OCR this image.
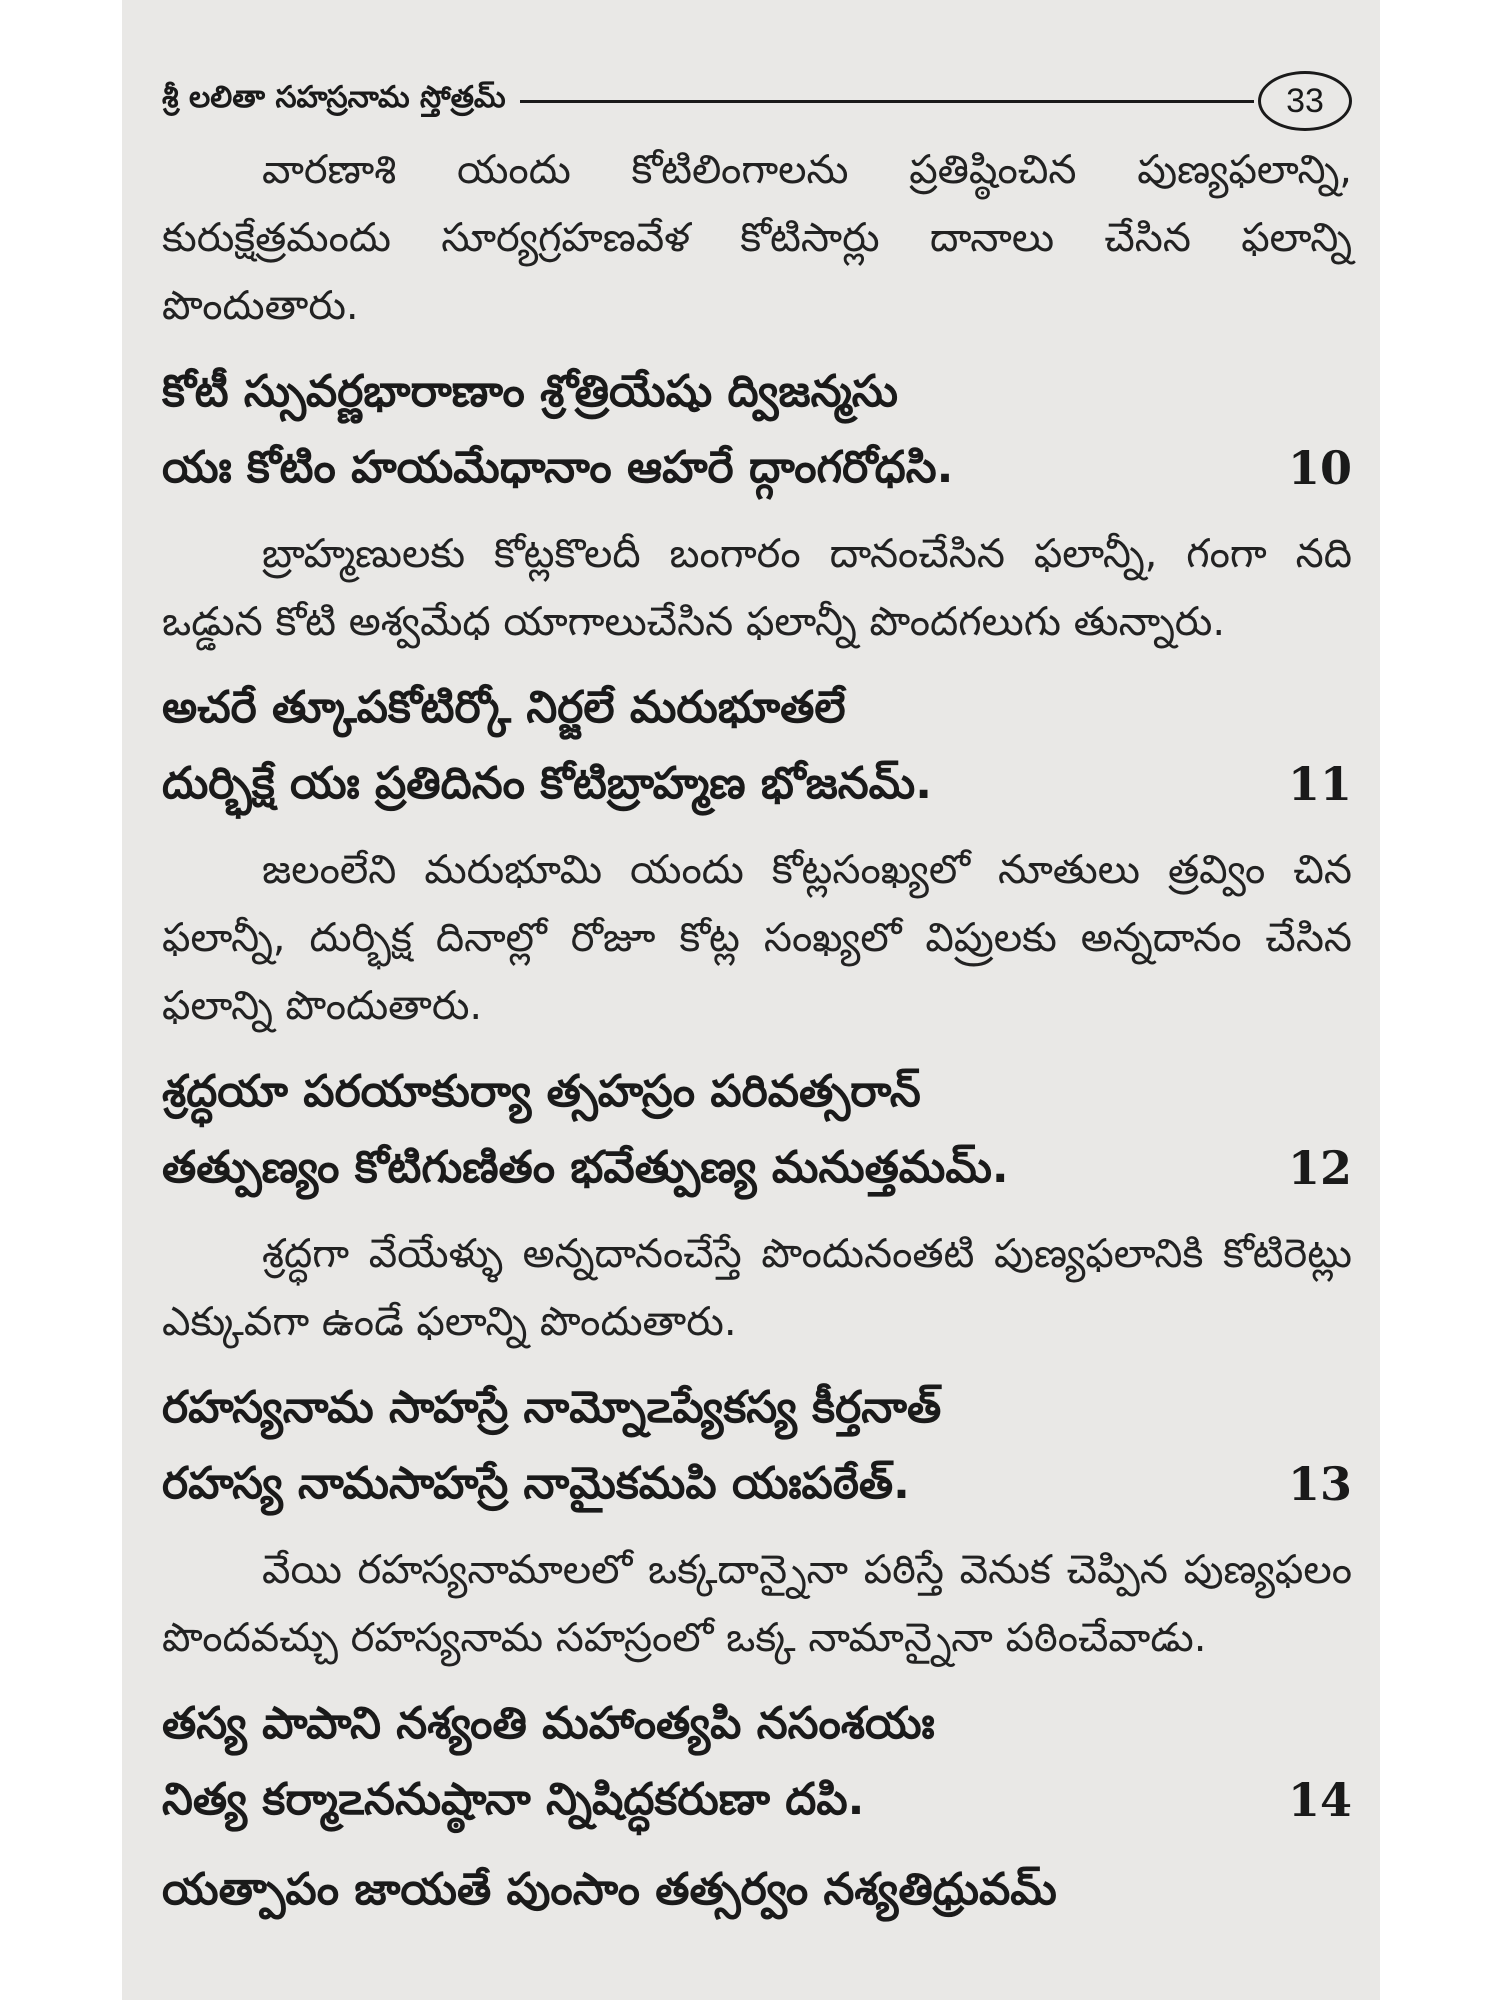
శ్రీ లలితా సహస్రనామ స్తోత్రమ్	33

వారణాశి యందు కోటిలింగాలను ప్రతిష్ఠించిన పుణ్యఫలాన్ని, కురుక్షేత్రమందు సూర్యగ్రహణవేళ కోటిసార్లు దానాలు చేసిన ఫలాన్ని పొందుతారు.

కోటీ స్సువర్ణభారాణాం శ్రోత్రియేషు ద్విజన్మసు
యః కోటిం హయమేధానాం ఆహరే ద్గాంగరోధసి.	10

బ్రాహ్మణులకు కోట్లకొలదీ బంగారం దానంచేసిన ఫలాన్నీ, గంగా నది ఒడ్డున కోటి అశ్వమేధ యాగాలుచేసిన ఫలాన్నీ పొందగలుగు తున్నారు.

అచరే త్కూపకోటిర్కో నిర్జలే మరుభూతలే
దుర్భిక్షే యః ప్రతిదినం కోటిబ్రాహ్మణ భోజనమ్.	11

జలంలేని మరుభూమి యందు కోట్లసంఖ్యలో నూతులు త్రవ్విం చిన ఫలాన్నీ, దుర్భిక్ష దినాల్లో రోజూ కోట్ల సంఖ్యలో విప్రులకు అన్నదానం చేసిన ఫలాన్ని పొందుతారు.

శ్రద్ధయా పరయాకుర్యా త్సహస్రం పరివత్సరాన్
తత్పుణ్యం కోటిగుణితం భవేత్పుణ్య మనుత్తమమ్.	12

శ్రద్ధగా వేయేళ్ళు అన్నదానంచేస్తే పొందునంతటి పుణ్యఫలానికి కోటిరెట్లు ఎక్కువగా ఉండే ఫలాన్ని పొందుతారు.

రహస్యనామ సాహస్రే నామ్నో౽ప్యేకస్య కీర్తనాత్
రహస్య నామసాహస్రే నామైకమపి యఃపఠేత్.	13

వేయి రహస్యనామాలలో ఒక్కదాన్నైనా పఠిస్తే వెనుక చెప్పిన పుణ్యఫలం పొందవచ్చు రహస్యనామ సహస్రంలో ఒక్క నామాన్నైనా పఠించేవాడు.

తస్య పాపాని నశ్యంతి మహాంత్యపి నసంశయః
నిత్య కర్మా౽ననుష్ఠానా న్నిషిద్ధకరుణా దపి.	14
యత్పాపం జాయతే పుంసాం తత్సర్వం నశ్యతిధ్రువమ్
